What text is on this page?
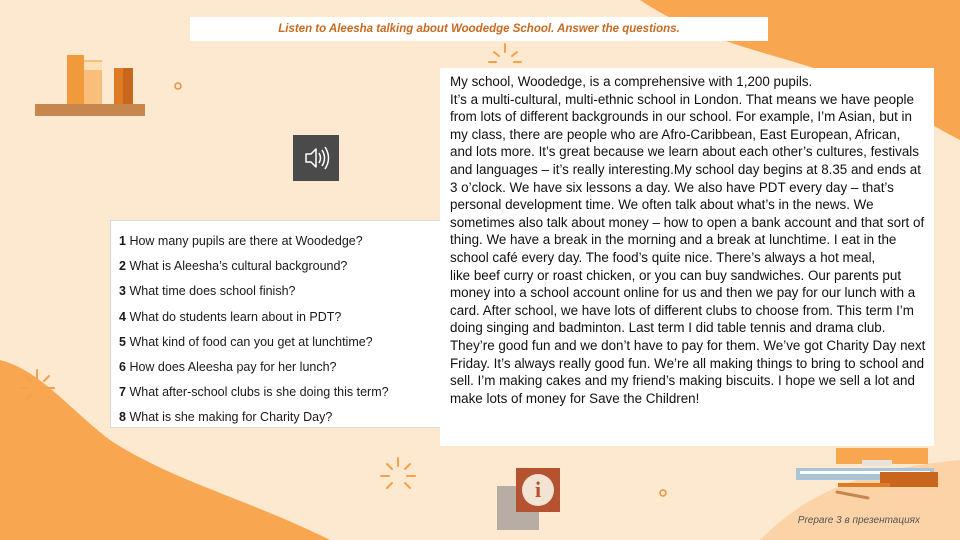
Listen to Aleesha talking about Woodedge School. Answer the questions.
1 How many pupils are there at Woodedge?
2 What is Aleesha’s cultural background?
3 What time does school finish?
4 What do students learn about in PDT?
5 What kind of food can you get at lunchtime?
6 How does Aleesha pay for her lunch?
7 What after-school clubs is she doing this term?
8 What is she making for Charity Day?

My school, Woodedge, is a comprehensive with 1,200 pupils.

It’s a multi-cultural, multi-ethnic school in London. That means we have people from lots of different backgrounds in our school. For example, I’m Asian, but in my class, there are people who are Afro-Caribbean, East European, African, and lots more. It’s great because we learn about each other’s cultures, festivals and languages – it’s really interesting.My school day begins at 8.35 and ends at 3 o’clock. We have six lessons a day. We also have PDT every day – that’s personal development time. We often talk about what’s in the news. We sometimes also talk about money – how to open a bank account and that sort of thing. We have a break in the morning and a break at lunchtime. I eat in the school café every day. The food’s quite nice. There’s always a hot meal,

like beef curry or roast chicken, or you can buy sandwiches. Our parents put money into a school account online for us and then we pay for our lunch with a card. After school, we have lots of different clubs to choose from. This term I’m doing singing and badminton. Last term I did table tennis and drama club. They’re good fun and we don’t have to pay for them. We’ve got Charity Day next Friday. It’s always really good fun. We’re all making things to bring to school and sell. I’m making cakes and my friend’s making biscuits. I hope we sell a lot and make lots of money for Save the Children!

i
Prepare 3 в презентациях
